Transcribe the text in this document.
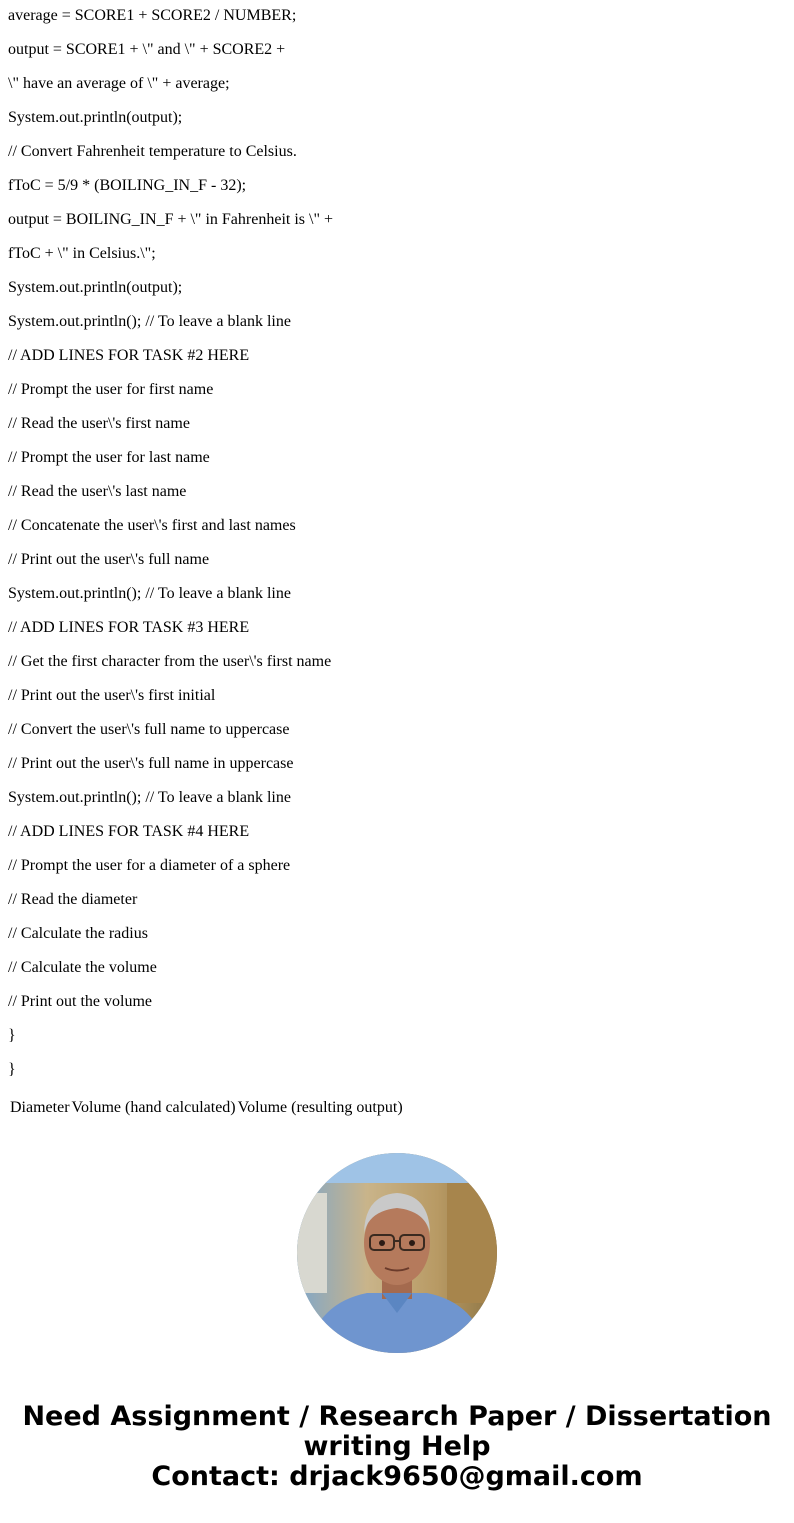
average = SCORE1 + SCORE2 / NUMBER;

output = SCORE1 + \" and \" + SCORE2 +

\" have an average of \" + average;

System.out.println(output);

// Convert Fahrenheit temperature to Celsius.

fToC = 5/9 * (BOILING_IN_F - 32);

output = BOILING_IN_F + \" in Fahrenheit is \" +

fToC + \" in Celsius.\";

System.out.println(output);

System.out.println(); // To leave a blank line

// ADD LINES FOR TASK #2 HERE

// Prompt the user for first name

// Read the user\'s first name

// Prompt the user for last name

// Read the user\'s last name

// Concatenate the user\'s first and last names

// Print out the user\'s full name

System.out.println(); // To leave a blank line

// ADD LINES FOR TASK #3 HERE

// Get the first character from the user\'s first name

// Print out the user\'s first initial

// Convert the user\'s full name to uppercase

// Print out the user\'s full name in uppercase

System.out.println(); // To leave a blank line

// ADD LINES FOR TASK #4 HERE

// Prompt the user for a diameter of a sphere

// Read the diameter

// Calculate the radius

// Calculate the volume

// Print out the volume

}

}

Diameter	Volume (hand calculated)	Volume (resulting output)
Need Assignment / Research Paper / Dissertation
writing Help
Contact: drjack9650@gmail.com
